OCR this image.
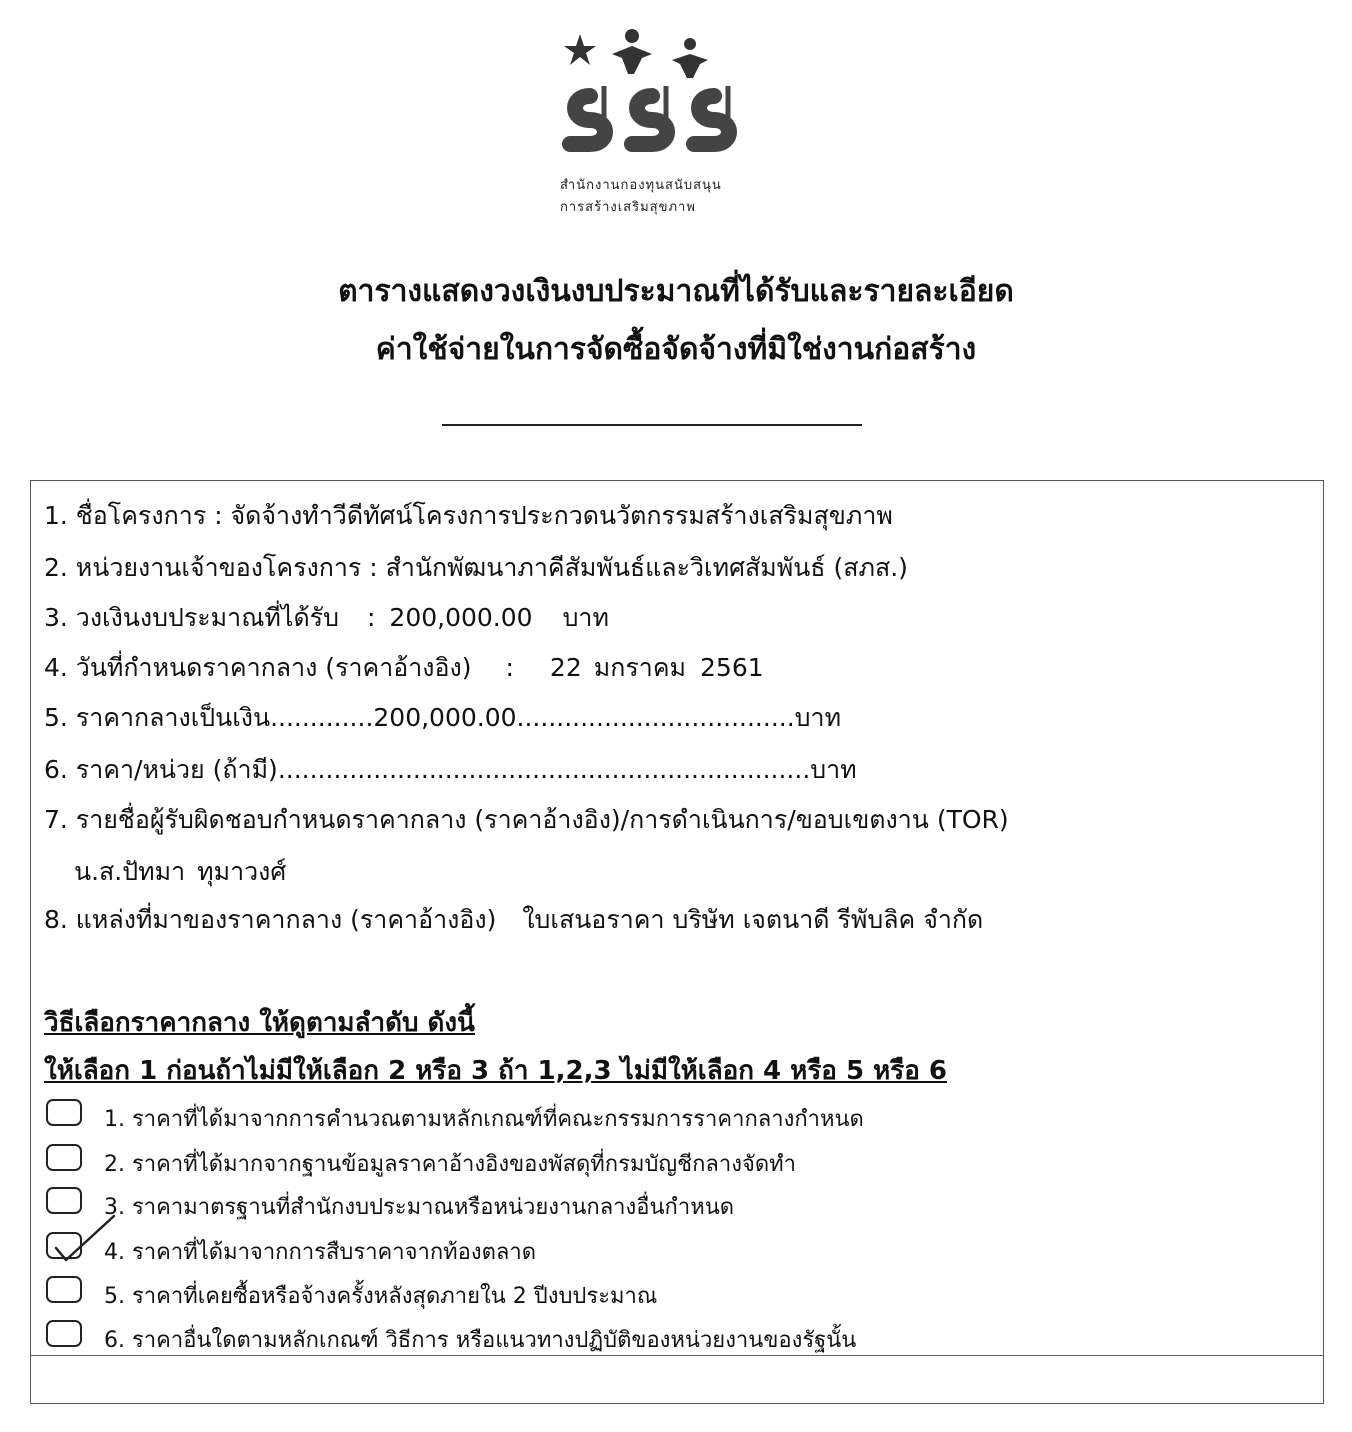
สำนักงานกองทุนสนับสนุน
การสร้างเสริมสุขภาพ
ตารางแสดงวงเงินงบประมาณที่ได้รับและรายละเอียด
ค่าใช้จ่ายในการจัดซื้อจัดจ้างที่มิใช่งานก่อสร้าง
1. ชื่อโครงการ : จัดจ้างทำวีดีทัศน์โครงการประกวดนวัตกรรมสร้างเสริมสุขภาพ
2. หน่วยงานเจ้าของโครงการ : สำนักพัฒนาภาคีสัมพันธ์และวิเทศสัมพันธ์ (สภส.)
3. วงเงินงบประมาณที่ได้รับ : 200,000.00 บาท
4. วันที่กำหนดราคากลาง (ราคาอ้างอิง) : 22 มกราคม 2561
5. ราคากลางเป็นเงิน.............200,000.00...................................บาท
6. ราคา/หน่วย (ถ้ามี)...................................................................บาท
7. รายชื่อผู้รับผิดชอบกำหนดราคากลาง (ราคาอ้างอิง)/การดำเนินการ/ขอบเขตงาน (TOR)
น.ส.ปัทมา ทุมาวงศ์
8. แหล่งที่มาของราคากลาง (ราคาอ้างอิง) ใบเสนอราคา บริษัท เจตนาดี รีพับลิค จำกัด
วิธีเลือกราคากลาง ให้ดูตามลำดับ ดังนี้
ให้เลือก 1 ก่อนถ้าไม่มีให้เลือก 2 หรือ 3 ถ้า 1,2,3 ไม่มีให้เลือก 4 หรือ 5 หรือ 6
1. ราคาที่ได้มาจากการคำนวณตามหลักเกณฑ์ที่คณะกรรมการราคากลางกำหนด
2. ราคาที่ได้มากจากฐานข้อมูลราคาอ้างอิงของพัสดุที่กรมบัญชีกลางจัดทำ
3. ราคามาตรฐานที่สำนักงบประมาณหรือหน่วยงานกลางอื่นกำหนด
4. ราคาที่ได้มาจากการสืบราคาจากท้องตลาด
5. ราคาที่เคยซื้อหรือจ้างครั้งหลังสุดภายใน 2 ปีงบประมาณ
6. ราคาอื่นใดตามหลักเกณฑ์ วิธีการ หรือแนวทางปฏิบัติของหน่วยงานของรัฐนั้น
